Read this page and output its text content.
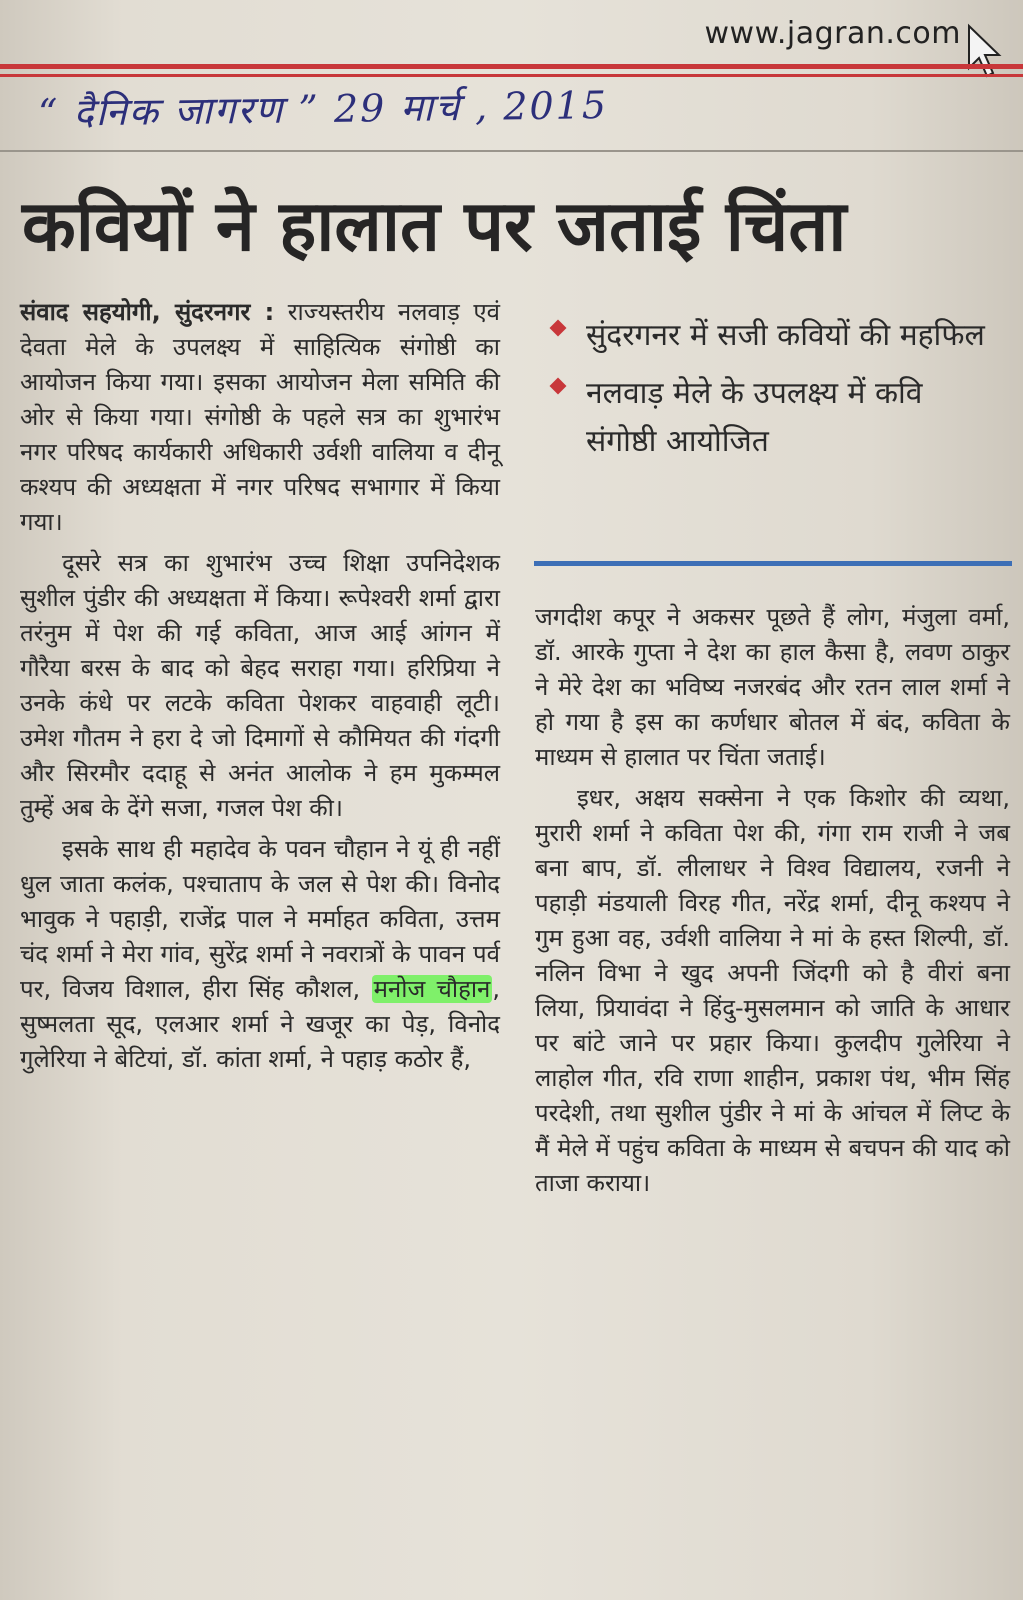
www.jagran.com
“ दैनिक जागरण ” 29 मार्च , 2015
कवियों ने हालात पर जताई चिंता

संवाद सहयोगी, सुंदरनगर : राज्यस्तरीय नलवाड़ एवं देवता मेले के उपलक्ष्य में साहित्यिक संगोष्ठी का आयोजन किया गया। इसका आयोजन मेला समिति की ओर से किया गया। संगोष्ठी के पहले सत्र का शुभारंभ नगर परिषद कार्यकारी अधिकारी उर्वशी वालिया व दीनू कश्यप की अध्यक्षता में नगर परिषद सभागार में किया गया।

दूसरे सत्र का शुभारंभ उच्च शिक्षा उपनिदेशक सुशील पुंडीर की अध्यक्षता में किया। रूपेश्वरी शर्मा द्वारा तरंनुम में पेश की गई कविता, आज आई आंगन में गौरैया बरस के बाद को बेहद सराहा गया। हरिप्रिया ने उनके कंधे पर लटके कविता पेशकर वाहवाही लूटी। उमेश गौतम ने हरा दे जो दिमागों से कौमियत की गंदगी और सिरमौर ददाहू से अनंत आलोक ने हम मुकम्मल तुम्हें अब के देंगे सजा, गजल पेश की।

इसके साथ ही महादेव के पवन चौहान ने यूं ही नहीं धुल जाता कलंक, पश्चाताप के जल से पेश की। विनोद भावुक ने पहाड़ी, राजेंद्र पाल ने मर्माहत कविता, उत्तम चंद शर्मा ने मेरा गांव, सुरेंद्र शर्मा ने नवरात्रों के पावन पर्व पर, विजय विशाल, हीरा सिंह कौशल, मनोज चौहान, सुष्मलता सूद, एलआर शर्मा ने खजूर का पेड़, विनोद गुलेरिया ने बेटियां, डॉ. कांता शर्मा, ने पहाड़ कठोर हैं,

सुंदरगनर में सजी कवियों की महफिल
नलवाड़ मेले के उपलक्ष्य में कवि संगोष्ठी आयोजित

जगदीश कपूर ने अकसर पूछते हैं लोग, मंजुला वर्मा, डॉ. आरके गुप्ता ने देश का हाल कैसा है, लवण ठाकुर ने मेरे देश का भविष्य नजरबंद और रतन लाल शर्मा ने हो गया है इस का कर्णधार बोतल में बंद, कविता के माध्यम से हालात पर चिंता जताई।

इधर, अक्षय सक्सेना ने एक किशोर की व्यथा, मुरारी शर्मा ने कविता पेश की, गंगा राम राजी ने जब बना बाप, डॉ. लीलाधर ने विश्व विद्यालय, रजनी ने पहाड़ी मंडयाली विरह गीत, नरेंद्र शर्मा, दीनू कश्यप ने गुम हुआ वह, उर्वशी वालिया ने मां के हस्त शिल्पी, डॉ. नलिन विभा ने खुद अपनी जिंदगी को है वीरां बना लिया, प्रियावंदा ने हिंदु-मुसलमान को जाति के आधार पर बांटे जाने पर प्रहार किया। कुलदीप गुलेरिया ने लाहोल गीत, रवि राणा शाहीन, प्रकाश पंथ, भीम सिंह परदेशी, तथा सुशील पुंडीर ने मां के आंचल में लिप्ट के मैं मेले में पहुंच कविता के माध्यम से बचपन की याद को ताजा कराया।
